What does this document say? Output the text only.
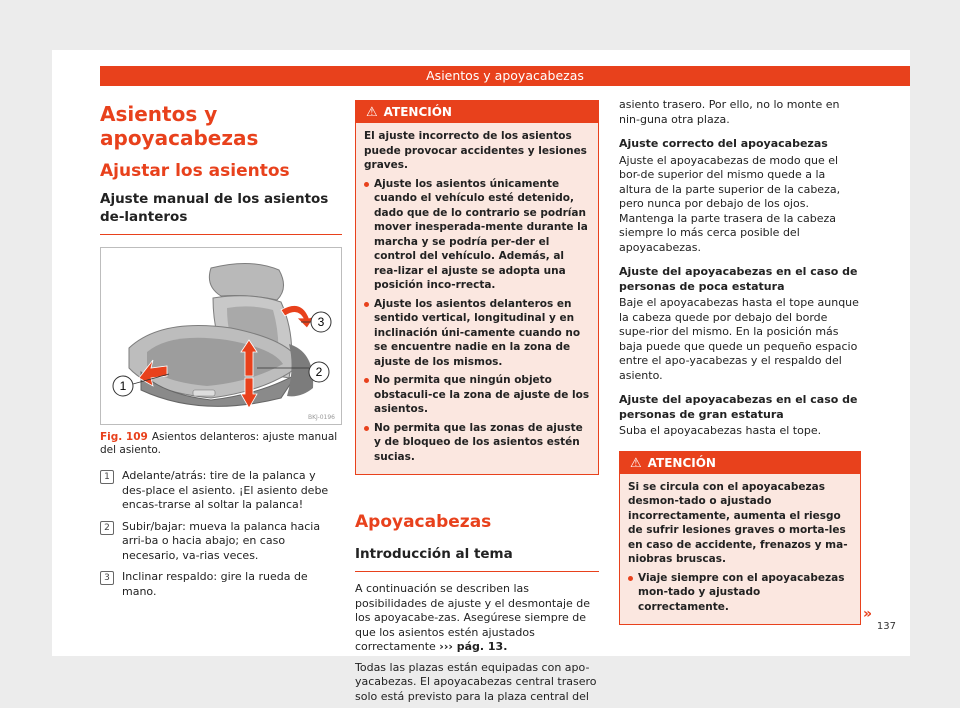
Asientos y apoyacabezas
Asientos y apoyacabezas
Ajustar los asientos
Ajuste manual de los asientos de-lanteros
1
2
3
BKJ-0196
Fig. 109 Asientos delanteros: ajuste manual del asiento.
1	Adelante/atrás: tire de la palanca y des-place el asiento. ¡El asiento debe encas-trarse al soltar la palanca!
2	Subir/bajar: mueva la palanca hacia arri-ba o hacia abajo; en caso necesario, va-rias veces.
3	Inclinar respaldo: gire la rueda de mano.
⚠ ATENCIÓN

El ajuste incorrecto de los asientos puede provocar accidentes y lesiones graves.

Ajuste los asientos únicamente cuando el vehículo esté detenido, dado que de lo contrario se podrían mover inesperada-mente durante la marcha y se podría per-der el control del vehículo. Además, al rea-lizar el ajuste se adopta una posición inco-rrecta.
Ajuste los asientos delanteros en sentido vertical, longitudinal y en inclinación úni-camente cuando no se encuentre nadie en la zona de ajuste de los mismos.
No permita que ningún objeto obstaculi-ce la zona de ajuste de los asientos.
No permita que las zonas de ajuste y de bloqueo de los asientos estén sucias.
Apoyacabezas
Introducción al tema

A continuación se describen las posibilidades de ajuste y el desmontaje de los apoyacabe-zas. Asegúrese siempre de que los asientos estén ajustados correctamente ››› pág. 13.

Todas las plazas están equipadas con apo-yacabezas. El apoyacabezas central trasero solo está previsto para la plaza central del

asiento trasero. Por ello, no lo monte en nin-guna otra plaza.

Ajuste correcto del apoyacabezas

Ajuste el apoyacabezas de modo que el bor-de superior del mismo quede a la altura de la parte superior de la cabeza, pero nunca por debajo de los ojos. Mantenga la parte trasera de la cabeza siempre lo más cerca posible del apoyacabezas.

Ajuste del apoyacabezas en el caso de personas de poca estatura

Baje el apoyacabezas hasta el tope aunque la cabeza quede por debajo del borde supe-rior del mismo. En la posición más baja puede que quede un pequeño espacio entre el apo-yacabezas y el respaldo del asiento.

Ajuste del apoyacabezas en el caso de personas de gran estatura

Suba el apoyacabezas hasta el tope.

⚠ ATENCIÓN

Si se circula con el apoyacabezas desmon-tado o ajustado incorrectamente, aumenta el riesgo de sufrir lesiones graves o morta-les en caso de accidente, frenazos y ma-niobras bruscas.

Viaje siempre con el apoyacabezas mon-tado y ajustado correctamente.	»
137
